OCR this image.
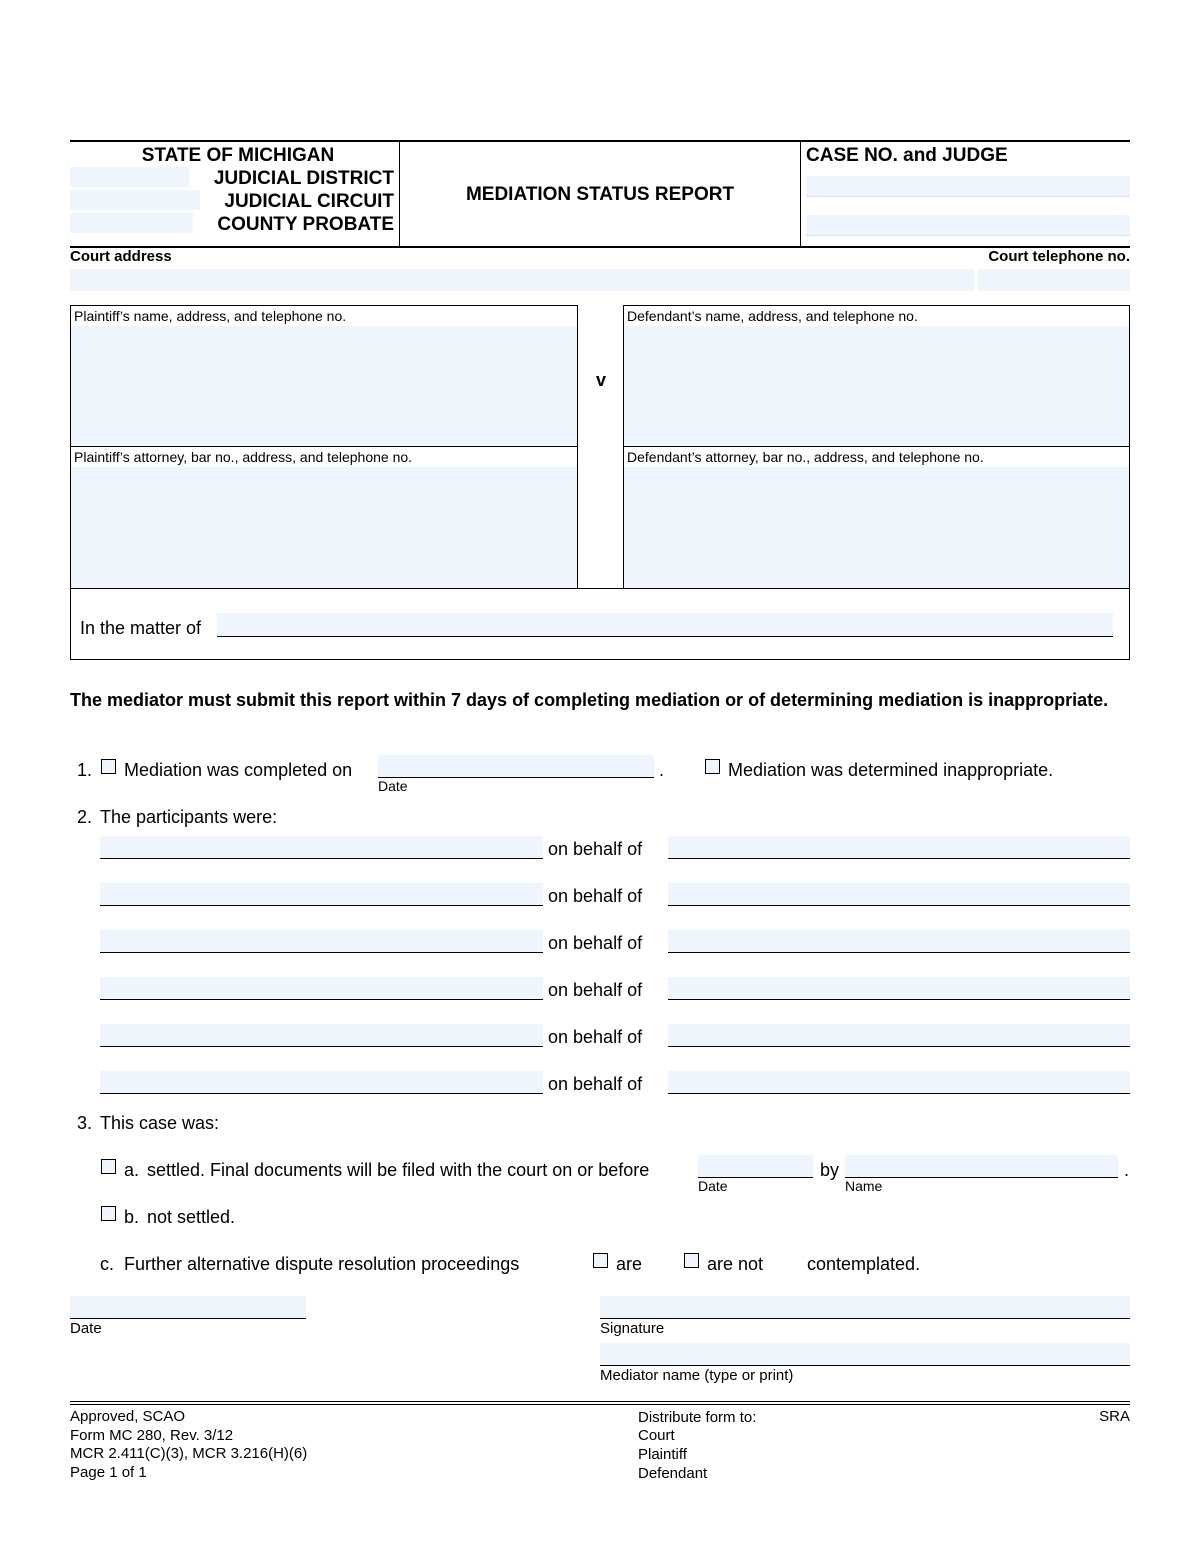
STATE OF MICHIGAN
JUDICIAL DISTRICT
JUDICIAL CIRCUIT
COUNTY PROBATE
MEDIATION STATUS REPORT
CASE NO. and JUDGE
Court address	Court telephone no.
Plaintiff’s name, address, and telephone no.
Plaintiff’s attorney, bar no., address, and telephone no.
v
Defendant’s name, address, and telephone no.
Defendant’s attorney, bar no., address, and telephone no.
In the matter of
The mediator must submit this report within 7 days of completing mediation or of determining mediation is inappropriate.
1. Mediation was completed on
Date
.	Mediation was determined inappropriate.
2. The participants were:
on behalf of
on behalf of
on behalf of
on behalf of
on behalf of
on behalf of
3. This case was:
a. settled. Final documents will be filed with the court on or before
Date
by
Name
.
b. not settled.
c. Further alternative dispute resolution proceedings	are	are not contemplated.
Date	Signature
Mediator name (type or print)
Approved, SCAO
Form MC 280, Rev. 3/12
MCR 2.411(C)(3), MCR 3.216(H)(6)
Page 1 of 1
Distribute form to:
Court
Plaintiff
Defendant
SRA
